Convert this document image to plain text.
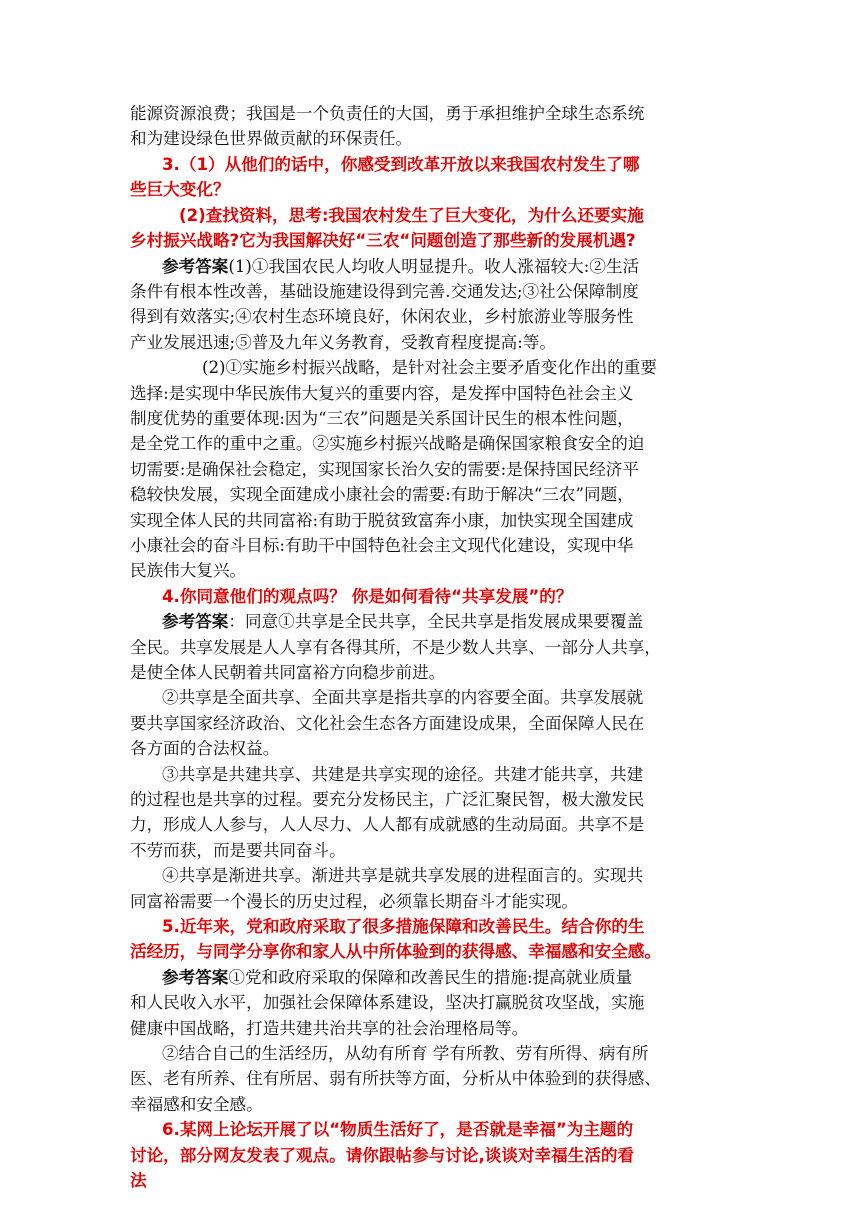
能源资源浪费；我国是一个负责任的大国，勇于承担维护全球生态系统
和为建设绿色世界做贡献的环保责任。
3.（1）从他们的话中，你感受到改革开放以来我国农村发生了哪
些巨大变化？
(2)查找资料，思考:我国农村发生了巨大变化，为什么还要实施
乡村振兴战略?它为我国解决好“三农“问题创造了那些新的发展机遇?
参考答案(1)①我国农民人均收人明显提升。收人涨福较大:②生活
条件有根本性改善，基础设施建设得到完善.交通发达;③社公保障制度
得到有效落实;④农村生态环境良好，休闲农业，乡村旅游业等服务性
产业发展迅速;⑤普及九年义务教育，受教育程度提高:等。
(2)①实施乡村振兴战略，是针对社会主要矛盾变化作出的重要
选择:是实现中华民族伟大复兴的重要内容，是发挥中国特色社会主义
制度优势的重要体现:因为“三农”问题是关系国计民生的根本性问题，
是全党工作的重中之重。②实施乡村振兴战略是确保国家粮食安全的迫
切需要:是确保社会稳定，实现国家长治久安的需要:是保持国民经济平
稳较快发展，实现全面建成小康社会的需要:有助于解决“三农”同题，
实现全体人民的共同富裕:有助于脱贫致富奔小康，加快实现全国建成
小康社会的奋斗目标:有助干中国特色社会主文现代化建设，实现中华
民族伟大复兴。
4.你同意他们的观点吗？ 你是如何看待“共享发展”的？
参考答案：同意①共享是全民共享，全民共享是指发展成果要覆盖
全民。共享发展是人人享有各得其所，不是少数人共享、一部分人共享，
是使全体人民朝着共同富裕方向稳步前进。
②共享是全面共享、全面共享是指共享的内容要全面。共享发展就
要共享国家经济政治、文化社会生态各方面建设成果，全面保障人民在
各方面的合法权益。
③共享是共建共享、共建是共享实现的途径。共建才能共享，共建
的过程也是共享的过程。要充分发杨民主，广泛汇聚民智，极大激发民
力，形成人人参与，人人尽力、人人都有成就感的生动局面。共享不是
不劳而获，而是要共同奋斗。
④共享是渐进共享。渐进共享是就共享发展的进程面言的。实现共
同富裕需要一个漫长的历史过程，必须靠长期奋斗才能实现。
5.近年来，党和政府采取了很多措施保障和改善民生。结合你的生
活经历，与同学分享你和家人从中所体验到的获得感、幸福感和安全感。
参考答案①党和政府采取的保障和改善民生的措施:提高就业质量
和人民收入水平，加强社会保障体系建设，坚决打赢脱贫攻坚战，实施
健康中国战略，打造共建共治共享的社会治理格局等。
②结合自己的生活经历，从幼有所育 学有所教、劳有所得、病有所
医、老有所养、住有所居、弱有所扶等方面，分析从中体验到的获得感、
幸福感和安全感。
6.某网上论坛开展了以“物质生活好了，是否就是幸福”为主题的
讨论，部分网友发表了观点。请你跟帖参与讨论,谈谈对幸福生活的看
法
